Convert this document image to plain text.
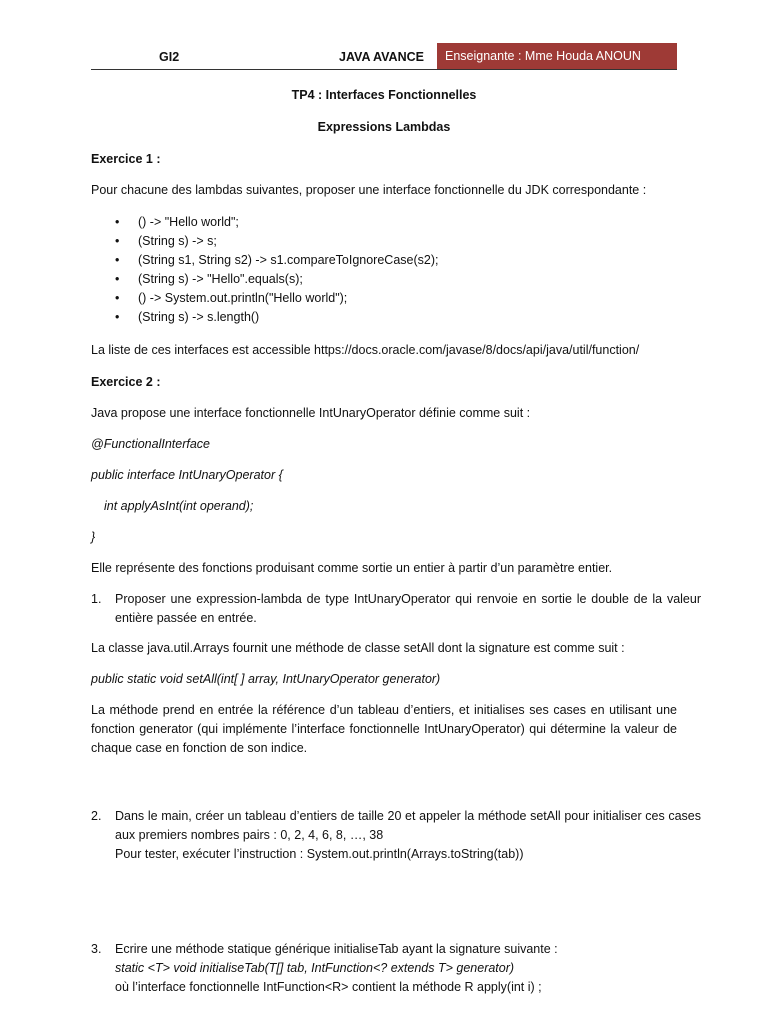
GI2	JAVA AVANCE	Enseignante : Mme Houda ANOUN
TP4 : Interfaces Fonctionnelles
Expressions Lambdas
Exercice 1 :
Pour chacune des lambdas suivantes, proposer une interface fonctionnelle du JDK correspondante :
• () -> "Hello world";
• (String s) -> s;
• (String s1, String s2) -> s1.compareToIgnoreCase(s2);
• (String s) -> "Hello".equals(s);
• () -> System.out.println("Hello world");
• (String s) -> s.length()
La liste de ces interfaces est accessible https://docs.oracle.com/javase/8/docs/api/java/util/function/
Exercice 2 :
Java propose une interface fonctionnelle IntUnaryOperator définie comme suit :
@FunctionalInterface
public interface IntUnaryOperator {
int applyAsInt(int operand);
}
Elle représente des fonctions produisant comme sortie un entier à partir d’un paramètre entier.
1. Proposer une expression-lambda de type IntUnaryOperator qui renvoie en sortie le double de la valeur entière passée en entrée.
La classe java.util.Arrays fournit une méthode de classe setAll dont la signature est comme suit :
public static void setAll(int[ ] array, IntUnaryOperator generator)
La méthode prend en entrée la référence d’un tableau d’entiers, et initialises ses cases en utilisant une fonction generator (qui implémente l’interface fonctionnelle IntUnaryOperator) qui détermine la valeur de chaque case en fonction de son indice.
2. Dans le main, créer un tableau d’entiers de taille 20 et appeler la méthode setAll pour initialiser ces cases aux premiers nombres pairs : 0, 2, 4, 6, 8, …, 38
Pour tester, exécuter l’instruction : System.out.println(Arrays.toString(tab))
3. Ecrire une méthode statique générique initialiseTab ayant la signature suivante :
static <T> void initialiseTab(T[] tab, IntFunction<? extends T> generator)
où l’interface fonctionnelle IntFunction<R> contient la méthode R apply(int i) ;
